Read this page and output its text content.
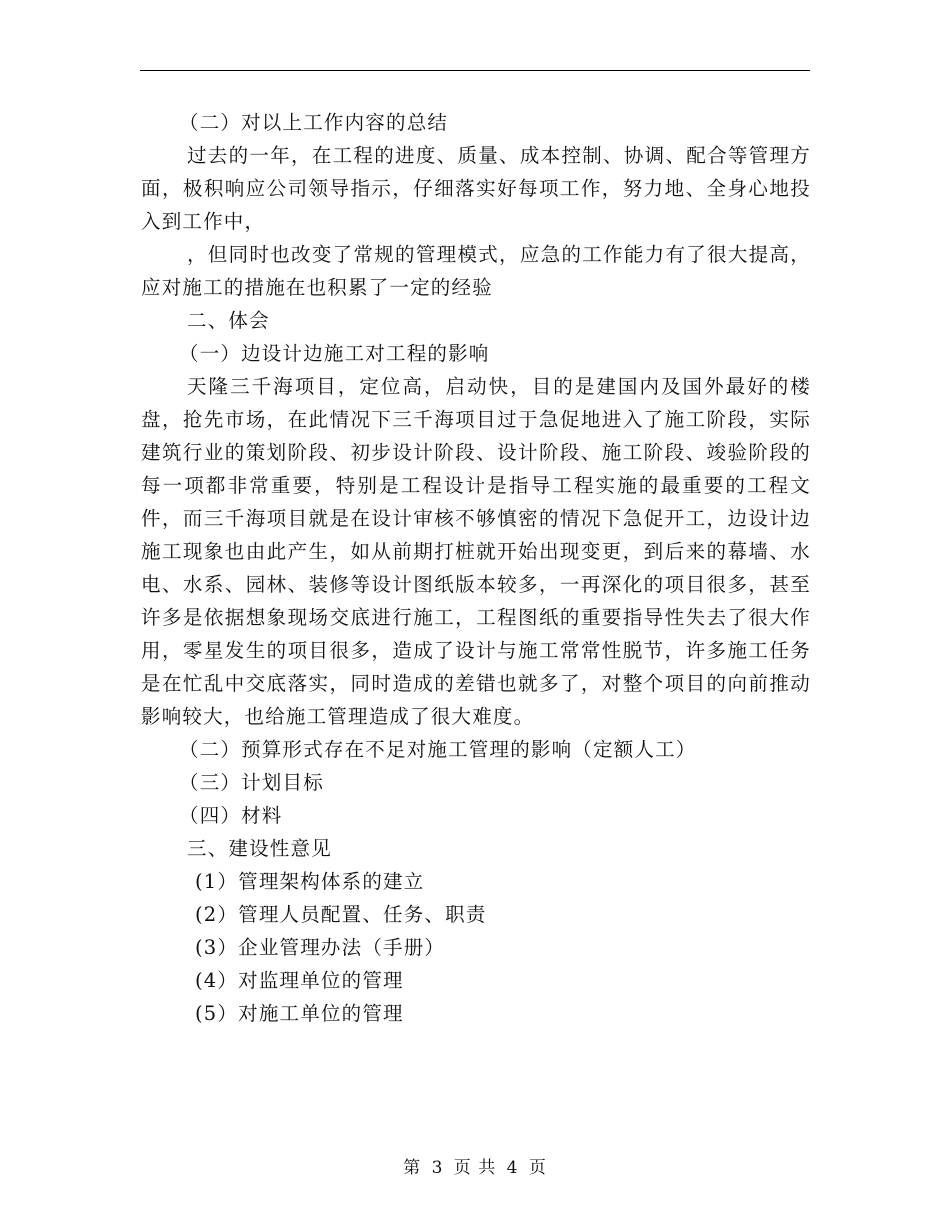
（二）对以上工作内容的总结

过去的一年，在工程的进度、质量、成本控制、协调、配合等管理方面，极积响应公司领导指示，仔细落实好每项工作，努力地、全身心地投入到工作中，

，但同时也改变了常规的管理模式，应急的工作能力有了很大提高，应对施工的措施在也积累了一定的经验

二、体会

（一）边设计边施工对工程的影响

天隆三千海项目，定位高，启动快，目的是建国内及国外最好的楼盘，抢先市场，在此情况下三千海项目过于急促地进入了施工阶段，实际建筑行业的策划阶段、初步设计阶段、设计阶段、施工阶段、竣验阶段的每一项都非常重要，特别是工程设计是指导工程实施的最重要的工程文件，而三千海项目就是在设计审核不够慎密的情况下急促开工，边设计边施工现象也由此产生，如从前期打桩就开始出现变更，到后来的幕墙、水电、水系、园林、装修等设计图纸版本较多，一再深化的项目很多，甚至许多是依据想象现场交底进行施工，工程图纸的重要指导性失去了很大作用，零星发生的项目很多，造成了设计与施工常常性脱节，许多施工任务是在忙乱中交底落实，同时造成的差错也就多了，对整个项目的向前推动影响较大，也给施工管理造成了很大难度。

（二）预算形式存在不足对施工管理的影响（定额人工）

（三）计划目标

（四）材料

三、建设性意见

(1）管理架构体系的建立

(2）管理人员配置、任务、职责

(3）企业管理办法（手册）

(4）对监理单位的管理

(5）对施工单位的管理

第 3 页 共 4 页
